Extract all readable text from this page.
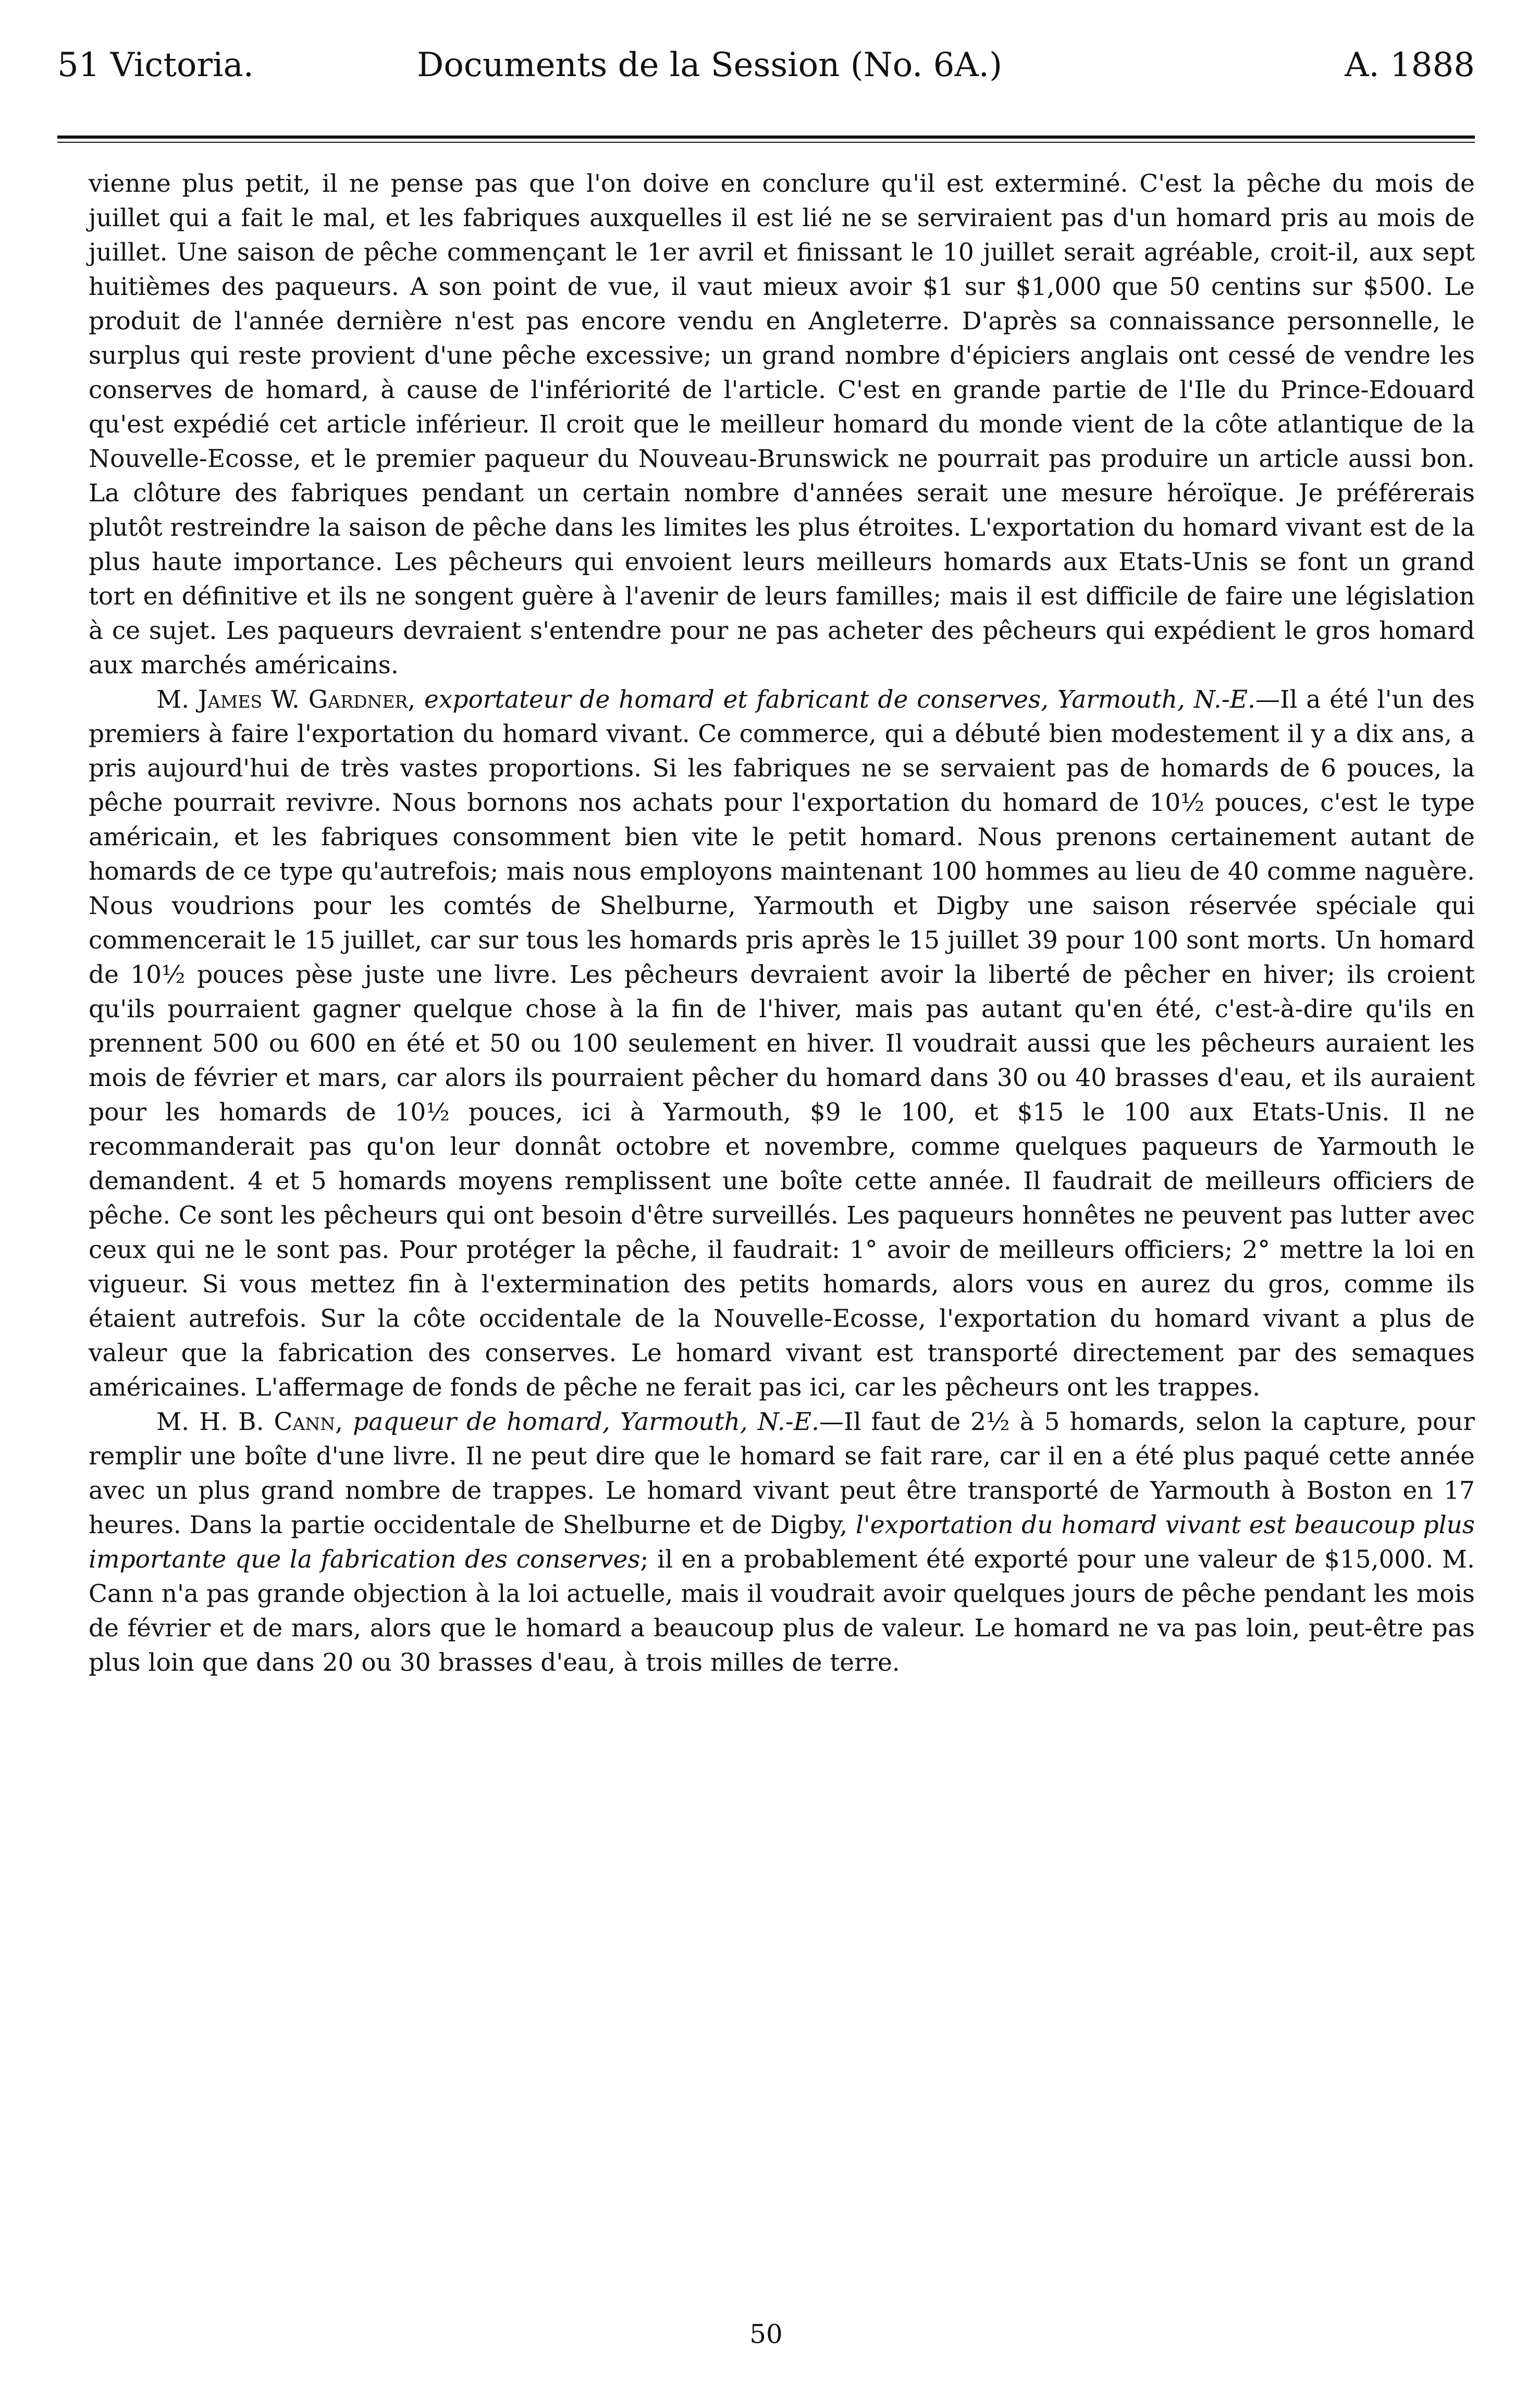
51 Victoria.	Documents de la Session (No. 6A.)	A. 1888

vienne plus petit, il ne pense pas que l'on doive en conclure qu'il est exterminé. C'est la pêche du mois de juillet qui a fait le mal, et les fabriques auxquelles il est lié ne se serviraient pas d'un homard pris au mois de juillet. Une saison de pêche commençant le 1er avril et finissant le 10 juillet serait agréable, croit-il, aux sept huitièmes des paqueurs. A son point de vue, il vaut mieux avoir $1 sur $1,000 que 50 centins sur $500. Le produit de l'année dernière n'est pas encore vendu en Angleterre. D'après sa connaissance personnelle, le surplus qui reste provient d'une pêche excessive; un grand nombre d'épiciers anglais ont cessé de vendre les conserves de homard, à cause de l'infériorité de l'article. C'est en grande partie de l'Ile du Prince-Edouard qu'est expédié cet article inférieur. Il croit que le meilleur homard du monde vient de la côte atlantique de la Nouvelle-Ecosse, et le premier paqueur du Nouveau-Brunswick ne pourrait pas produire un article aussi bon. La clôture des fabriques pendant un certain nombre d'années serait une mesure héroïque. Je préférerais plutôt restreindre la saison de pêche dans les limites les plus étroites. L'exportation du homard vivant est de la plus haute importance. Les pêcheurs qui envoient leurs meilleurs homards aux Etats-Unis se font un grand tort en définitive et ils ne songent guère à l'avenir de leurs familles; mais il est difficile de faire une législation à ce sujet. Les paqueurs devraient s'entendre pour ne pas acheter des pêcheurs qui expédient le gros homard aux marchés américains.

M. James W. Gardner, exportateur de homard et fabricant de conserves, Yarmouth, N.-E.—Il a été l'un des premiers à faire l'exportation du homard vivant. Ce commerce, qui a débuté bien modestement il y a dix ans, a pris aujourd'hui de très vastes proportions. Si les fabriques ne se servaient pas de homards de 6 pouces, la pêche pourrait revivre. Nous bornons nos achats pour l'exportation du homard de 10½ pouces, c'est le type américain, et les fabriques consomment bien vite le petit homard. Nous prenons certainement autant de homards de ce type qu'autrefois; mais nous employons maintenant 100 hommes au lieu de 40 comme naguère. Nous voudrions pour les comtés de Shelburne, Yarmouth et Digby une saison réservée spéciale qui commencerait le 15 juillet, car sur tous les homards pris après le 15 juillet 39 pour 100 sont morts. Un homard de 10½ pouces pèse juste une livre. Les pêcheurs devraient avoir la liberté de pêcher en hiver; ils croient qu'ils pourraient gagner quelque chose à la fin de l'hiver, mais pas autant qu'en été, c'est-à-dire qu'ils en prennent 500 ou 600 en été et 50 ou 100 seulement en hiver. Il voudrait aussi que les pêcheurs auraient les mois de février et mars, car alors ils pourraient pêcher du homard dans 30 ou 40 brasses d'eau, et ils auraient pour les homards de 10½ pouces, ici à Yarmouth, $9 le 100, et $15 le 100 aux Etats-Unis. Il ne recommanderait pas qu'on leur donnât octobre et novembre, comme quelques paqueurs de Yarmouth le demandent. 4 et 5 homards moyens remplissent une boîte cette année. Il faudrait de meilleurs officiers de pêche. Ce sont les pêcheurs qui ont besoin d'être surveillés. Les paqueurs honnêtes ne peuvent pas lutter avec ceux qui ne le sont pas. Pour protéger la pêche, il faudrait: 1° avoir de meilleurs officiers; 2° mettre la loi en vigueur. Si vous mettez fin à l'extermination des petits homards, alors vous en aurez du gros, comme ils étaient autrefois. Sur la côte occidentale de la Nouvelle-Ecosse, l'exportation du homard vivant a plus de valeur que la fabrication des conserves. Le homard vivant est transporté directement par des semaques américaines. L'affermage de fonds de pêche ne ferait pas ici, car les pêcheurs ont les trappes.

M. H. B. Cann, paqueur de homard, Yarmouth, N.-E.—Il faut de 2½ à 5 homards, selon la capture, pour remplir une boîte d'une livre. Il ne peut dire que le homard se fait rare, car il en a été plus paqué cette année avec un plus grand nombre de trappes. Le homard vivant peut être transporté de Yarmouth à Boston en 17 heures. Dans la partie occidentale de Shelburne et de Digby, l'exportation du homard vivant est beaucoup plus importante que la fabrication des conserves; il en a probablement été exporté pour une valeur de $15,000. M. Cann n'a pas grande objection à la loi actuelle, mais il voudrait avoir quelques jours de pêche pendant les mois de février et de mars, alors que le homard a beaucoup plus de valeur. Le homard ne va pas loin, peut-être pas plus loin que dans 20 ou 30 brasses d'eau, à trois milles de terre.

50
